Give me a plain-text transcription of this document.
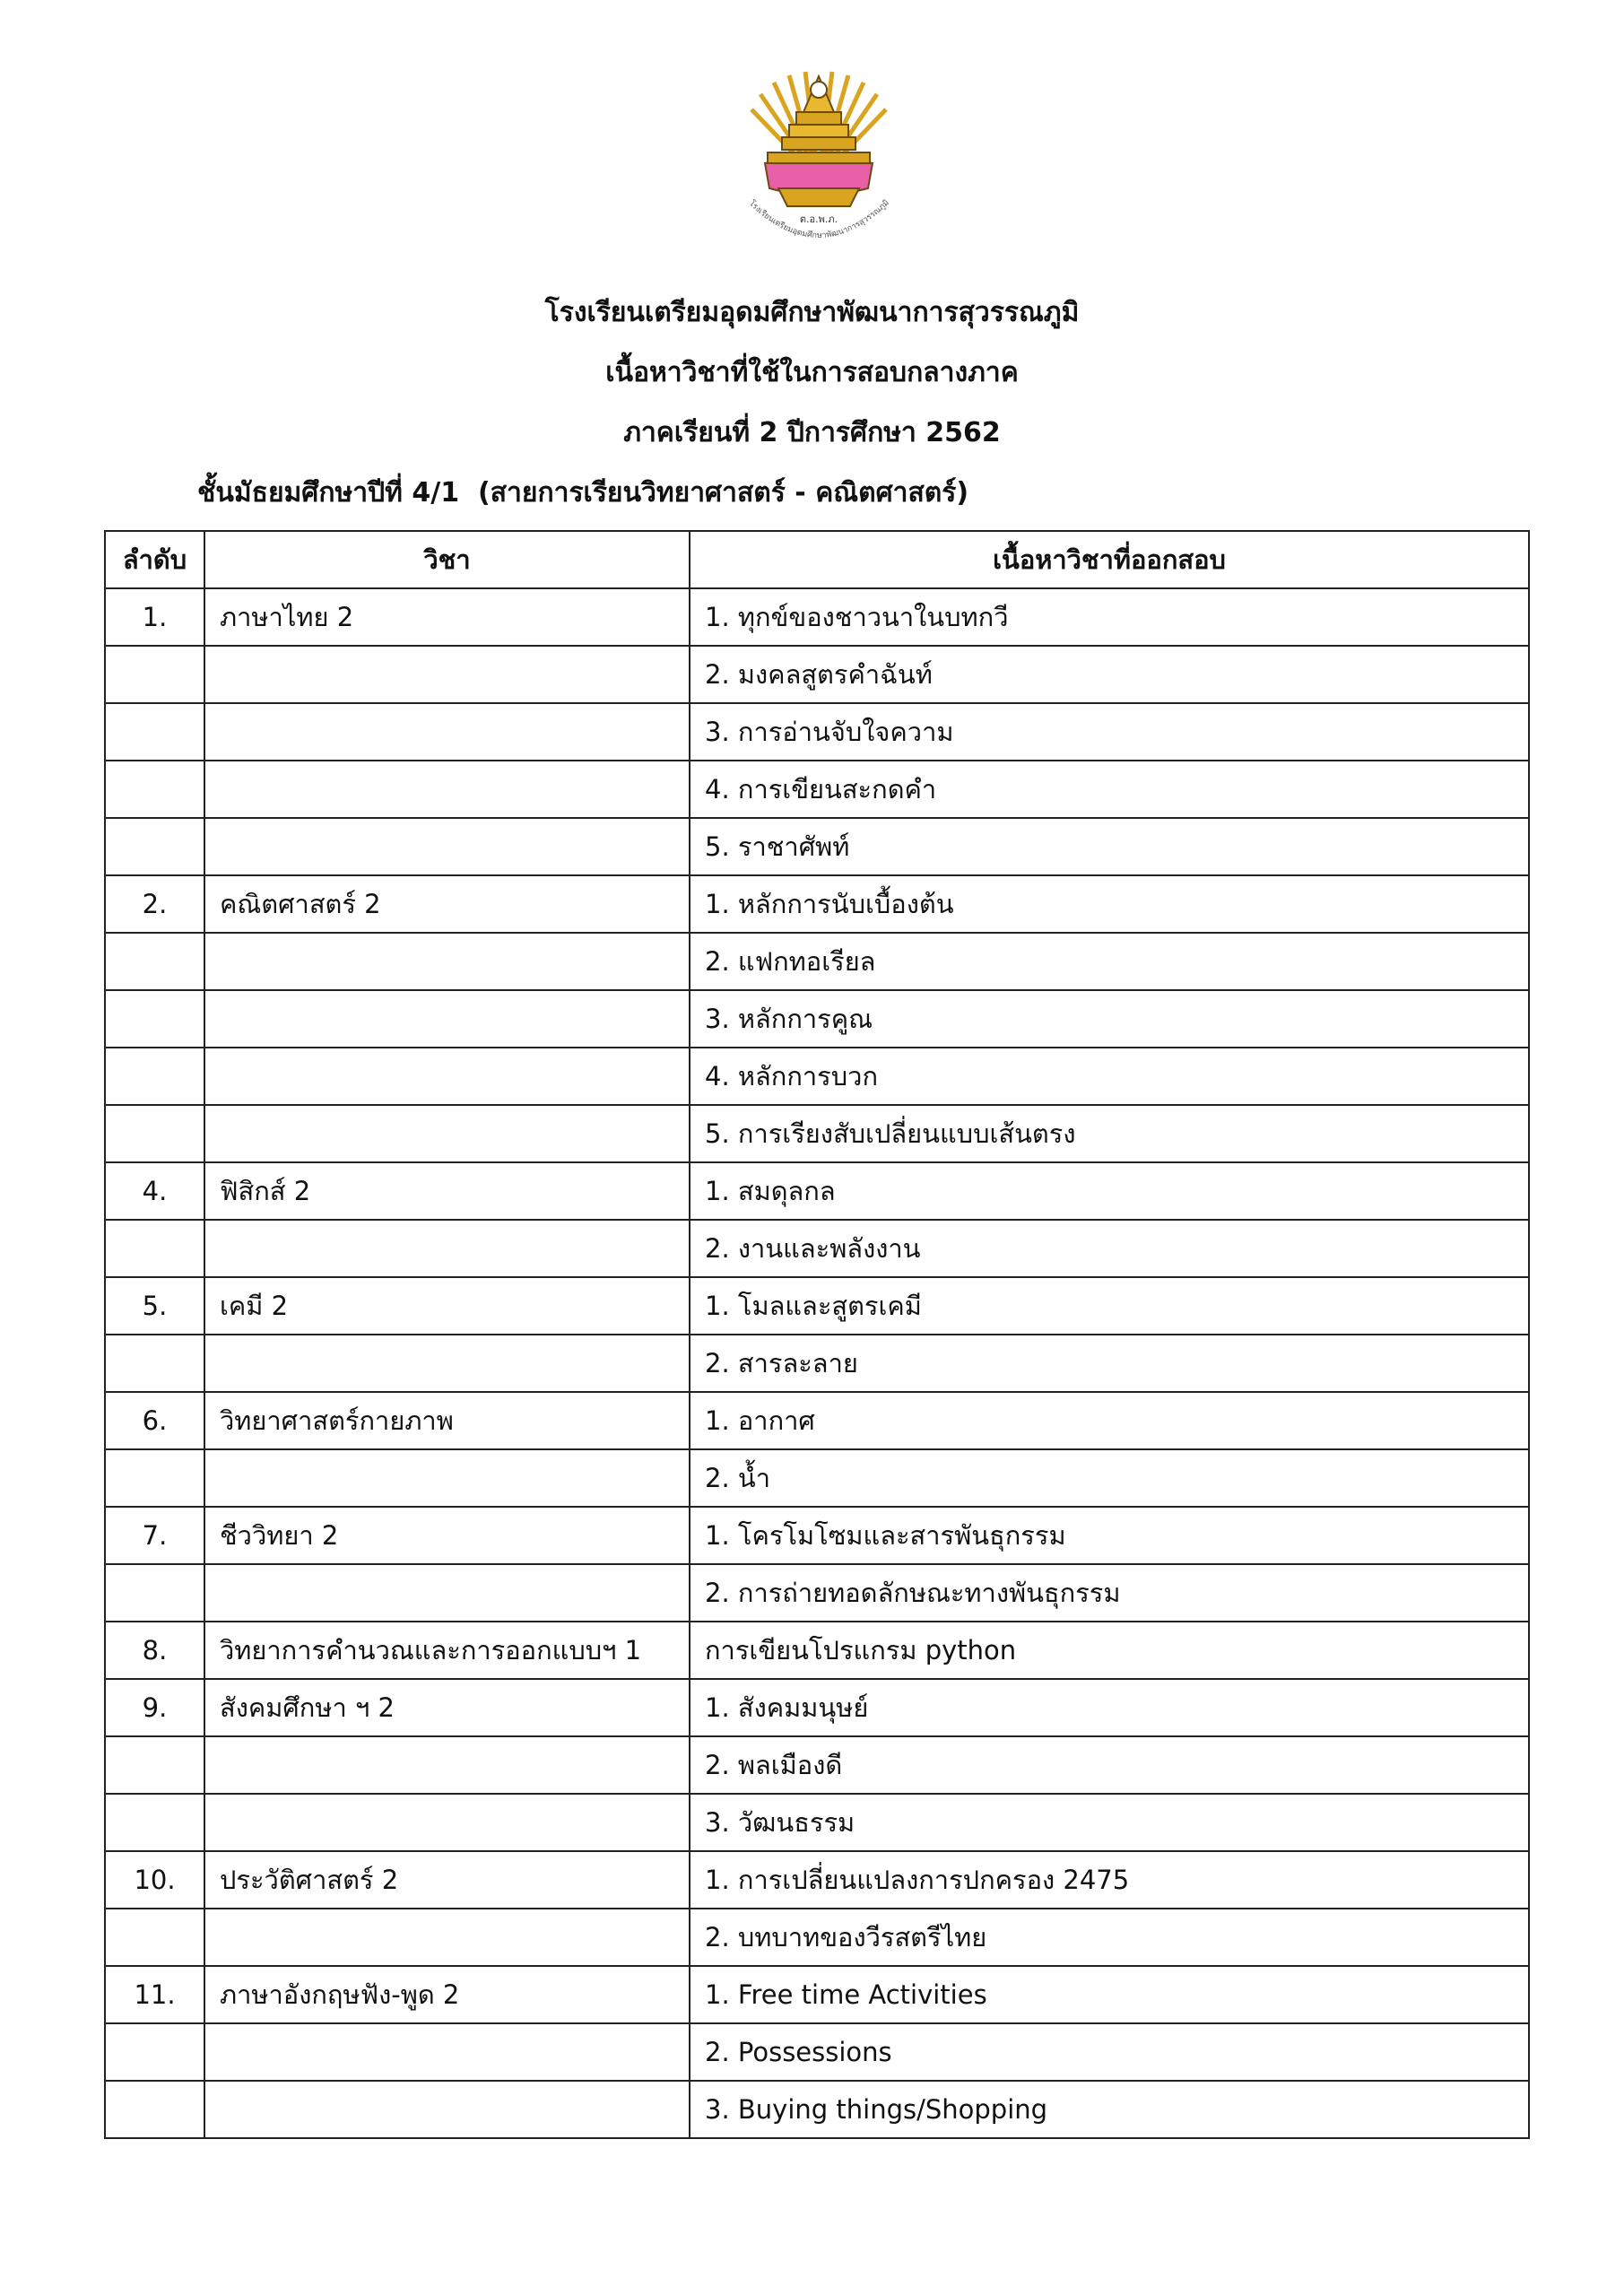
ต.อ.พ.ภ.
โรงเรียนเตรียมอุดมศึกษาพัฒนาการสุวรรณภูมิ
โรงเรียนเตรียมอุดมศึกษาพัฒนาการสุวรรณภูมิ
เนื้อหาวิชาที่ใช้ในการสอบกลางภาค
ภาคเรียนที่ 2 ปีการศึกษา 2562
ชั้นมัธยมศึกษาปีที่ 4/1  (สายการเรียนวิทยาศาสตร์ - คณิตศาสตร์)
ลำดับ	วิชา	เนื้อหาวิชาที่ออกสอบ
1.	ภาษาไทย 2	1. ทุกข์ของชาวนาในบทกวี
		2. มงคลสูตรคำฉันท์
		3. การอ่านจับใจความ
		4. การเขียนสะกดคำ
		5. ราชาศัพท์
2.	คณิตศาสตร์ 2	1. หลักการนับเบื้องต้น
		2. แฟกทอเรียล
		3. หลักการคูณ
		4. หลักการบวก
		5. การเรียงสับเปลี่ยนแบบเส้นตรง
4.	ฟิสิกส์ 2	1. สมดุลกล
		2. งานและพลังงาน
5.	เคมี 2	1. โมลและสูตรเคมี
		2. สารละลาย
6.	วิทยาศาสตร์กายภาพ	1. อากาศ
		2. น้ำ
7.	ชีววิทยา 2	1. โครโมโซมและสารพันธุกรรม
		2. การถ่ายทอดลักษณะทางพันธุกรรม
8.	วิทยาการคำนวณและการออกแบบฯ 1	การเขียนโปรแกรม python
9.	สังคมศึกษา ฯ 2	1. สังคมมนุษย์
		2. พลเมืองดี
		3. วัฒนธรรม
10.	ประวัติศาสตร์ 2	1. การเปลี่ยนแปลงการปกครอง 2475
		2. บทบาทของวีรสตรีไทย
11.	ภาษาอังกฤษฟัง-พูด 2	1. Free time Activities
		2. Possessions
		3. Buying things/Shopping
